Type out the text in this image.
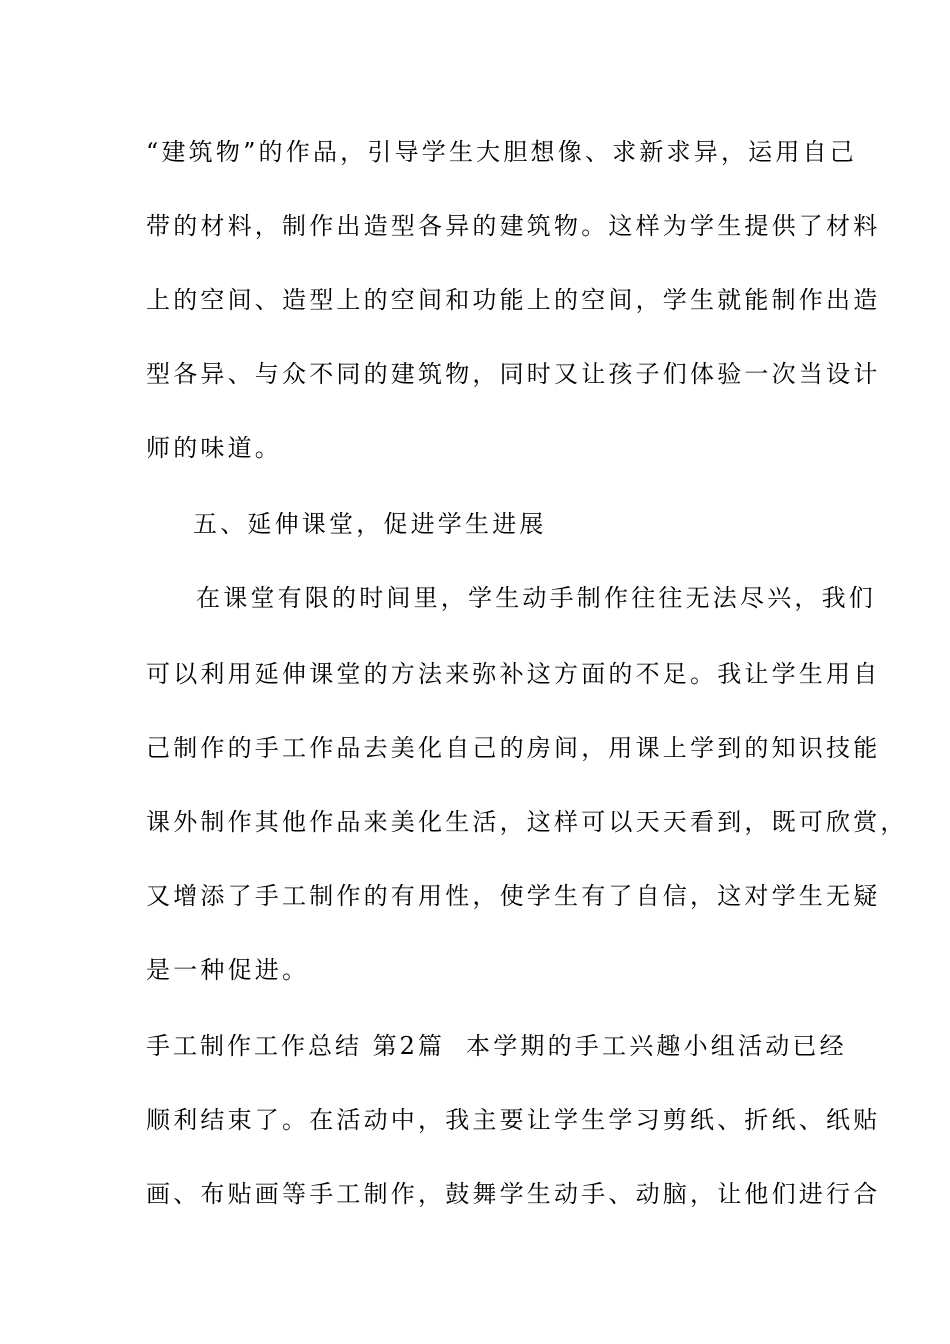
“建筑物”的作品，引导学生大胆想像、求新求异，运用自己
带的材料，制作出造型各异的建筑物。这样为学生提供了材料
上的空间、造型上的空间和功能上的空间，学生就能制作出造
型各异、与众不同的建筑物，同时又让孩子们体验一次当设计
师的味道。
五、延伸课堂，促进学生进展
在课堂有限的时间里，学生动手制作往往无法尽兴，我们
可以利用延伸课堂的方法来弥补这方面的不足。我让学生用自
己制作的手工作品去美化自己的房间，用课上学到的知识技能
课外制作其他作品来美化生活，这样可以天天看到，既可欣赏，
又增添了手工制作的有用性，使学生有了自信，这对学生无疑
是一种促进。
手工制作工作总结 第2篇 本学期的手工兴趣小组活动已经
顺利结束了。在活动中，我主要让学生学习剪纸、折纸、纸贴
画、布贴画等手工制作，鼓舞学生动手、动脑，让他们进行合
